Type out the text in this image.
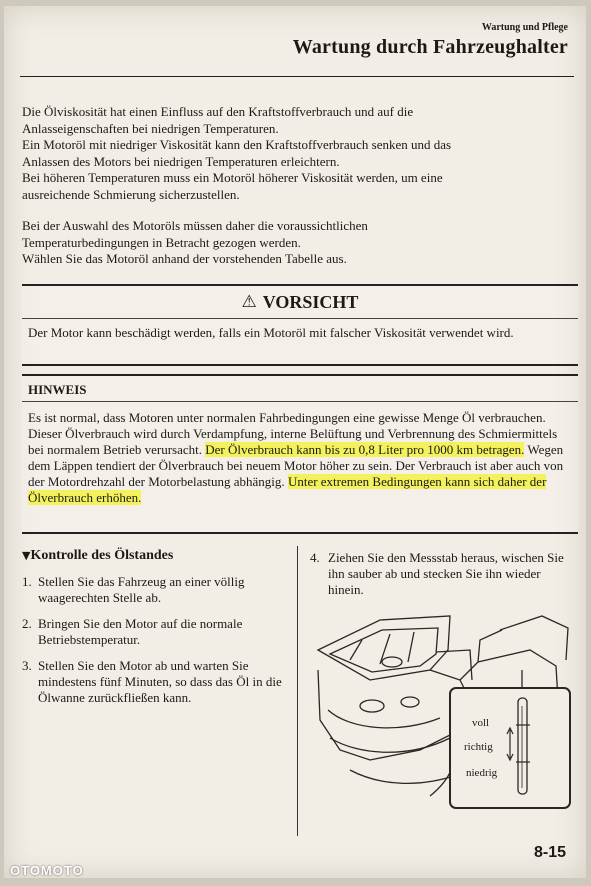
Wartung und Pflege
Wartung durch Fahrzeughalter

Die Ölviskosität hat einen Einfluss auf den Kraftstoffverbrauch und auf die Anlasseigenschaften bei niedrigen Temperaturen.

Ein Motoröl mit niedriger Viskosität kann den Kraftstoffverbrauch senken und das Anlassen des Motors bei niedrigen Temperaturen erleichtern.

Bei höheren Temperaturen muss ein Motoröl höherer Viskosität werden, um eine ausreichende Schmierung sicherzustellen.

Bei der Auswahl des Motoröls müssen daher die voraussichtlichen Temperaturbedingungen in Betracht gezogen werden.

Wählen Sie das Motoröl anhand der vorstehenden Tabelle aus.

⚠ VORSICHT
Der Motor kann beschädigt werden, falls ein Motoröl mit falscher Viskosität verwendet wird.
HINWEIS
Es ist normal, dass Motoren unter normalen Fahrbedingungen eine gewisse Menge Öl verbrauchen.
Dieser Ölverbrauch wird durch Verdampfung, interne Belüftung und Verbrennung des Schmiermittels bei normalem Betrieb verursacht. Der Ölverbrauch kann bis zu 0,8 Liter pro 1000 km betragen. Wegen dem Läppen tendiert der Ölverbrauch bei neuem Motor höher zu sein. Der Verbrauch ist aber auch von der Motordrehzahl der Motorbelastung abhängig. Unter extremen Bedingungen kann sich daher der Ölverbrauch erhöhen.
▼Kontrolle des Ölstandes
1. Stellen Sie das Fahrzeug an einer völlig waagerechten Stelle ab.
2. Bringen Sie den Motor auf die normale Betriebstemperatur.
3. Stellen Sie den Motor ab und warten Sie mindestens fünf Minuten, so dass das Öl in die Ölwanne zurückfließen kann.
4. Ziehen Sie den Messstab heraus, wischen Sie ihn sauber ab und stecken Sie ihn wieder hinein.
voll
richtig
niedrig
8-15
OTOMOTO
